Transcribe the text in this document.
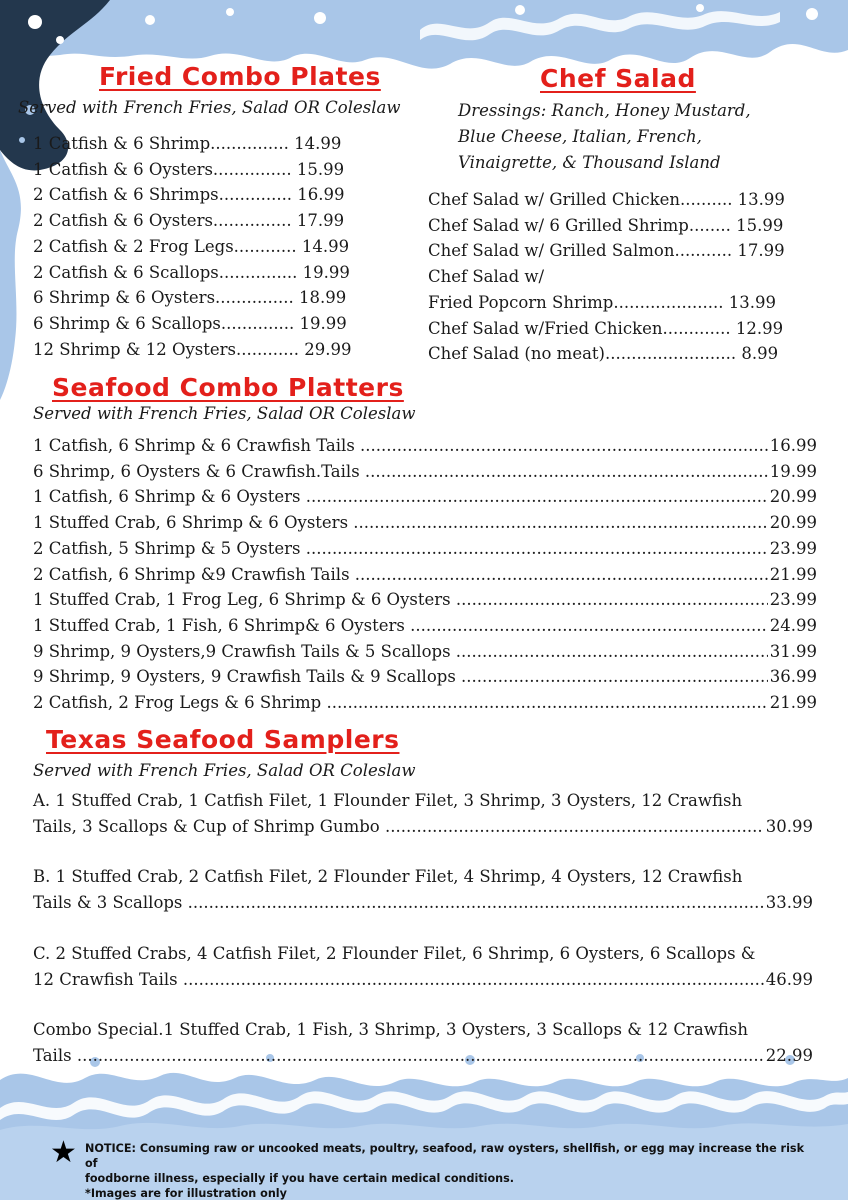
Fried Combo Plates
Served with French Fries, Salad OR Coleslaw
1 Catfish & 6 Shrimp............... 14.99
1 Catfish & 6 Oysters............... 15.99
2 Catfish & 6 Shrimps.............. 16.99
2 Catfish & 6 Oysters............... 17.99
2 Catfish & 2 Frog Legs............ 14.99
2 Catfish & 6 Scallops............... 19.99
6 Shrimp & 6 Oysters............... 18.99
6 Shrimp & 6 Scallops.............. 19.99
12 Shrimp & 12 Oysters............ 29.99
Chef Salad
Dressings: Ranch, Honey Mustard,
Blue Cheese, Italian, French,
Vinaigrette, & Thousand Island
Chef Salad w/ Grilled Chicken.......... 13.99
Chef Salad w/ 6 Grilled Shrimp........ 15.99
Chef Salad w/ Grilled Salmon........... 17.99
Chef Salad w/
Fried Popcorn Shrimp..................... 13.99
Chef Salad w/Fried Chicken............. 12.99
Chef Salad (no meat)......................... 8.99
Seafood Combo Platters
Served with French Fries, Salad OR Coleslaw
1 Catfish, 6 Shrimp & 6 Crawfish Tails .....	16.99
6 Shrimp, 6 Oysters & 6 Crawfish.Tails .....	19.99
1 Catfish, 6 Shrimp & 6 Oysters .....	20.99
1 Stuffed Crab, 6 Shrimp & 6 Oysters .....	20.99
2 Catfish, 5 Shrimp & 5 Oysters .....	23.99
2 Catfish, 6 Shrimp &9 Crawfish Tails .....	21.99
1 Stuffed Crab, 1 Frog Leg, 6 Shrimp & 6 Oysters .....	23.99
1 Stuffed Crab, 1 Fish, 6 Shrimp& 6 Oysters .....	24.99
9 Shrimp, 9 Oysters,9 Crawfish Tails & 5 Scallops .....	31.99
9 Shrimp, 9 Oysters, 9 Crawfish Tails & 9 Scallops .....	36.99
2 Catfish, 2 Frog Legs & 6 Shrimp .....	21.99
Texas Seafood Samplers
Served with French Fries, Salad OR Coleslaw
A. 1 Stuffed Crab, 1 Catfish Filet, 1 Flounder Filet, 3 Shrimp, 3 Oysters, 12 Crawfish
Tails, 3 Scallops & Cup of Shrimp Gumbo .....	30.99
B. 1 Stuffed Crab, 2 Catfish Filet, 2 Flounder Filet, 4 Shrimp, 4 Oysters, 12 Crawfish
Tails & 3 Scallops .....	33.99
C. 2 Stuffed Crabs, 4 Catfish Filet, 2 Flounder Filet, 6 Shrimp, 6 Oysters, 6 Scallops &
12 Crawfish Tails .....	46.99
Combo Special.1 Stuffed Crab, 1 Fish, 3 Shrimp, 3 Oysters, 3 Scallops & 12 Crawfish
Tails .....	22.99
★ NOTICE: Consuming raw or uncooked meats, poultry, seafood, raw oysters, shellfish, or egg may increase the risk of
foodborne illness, especially if you have certain medical conditions.
*Images are for illustration only
